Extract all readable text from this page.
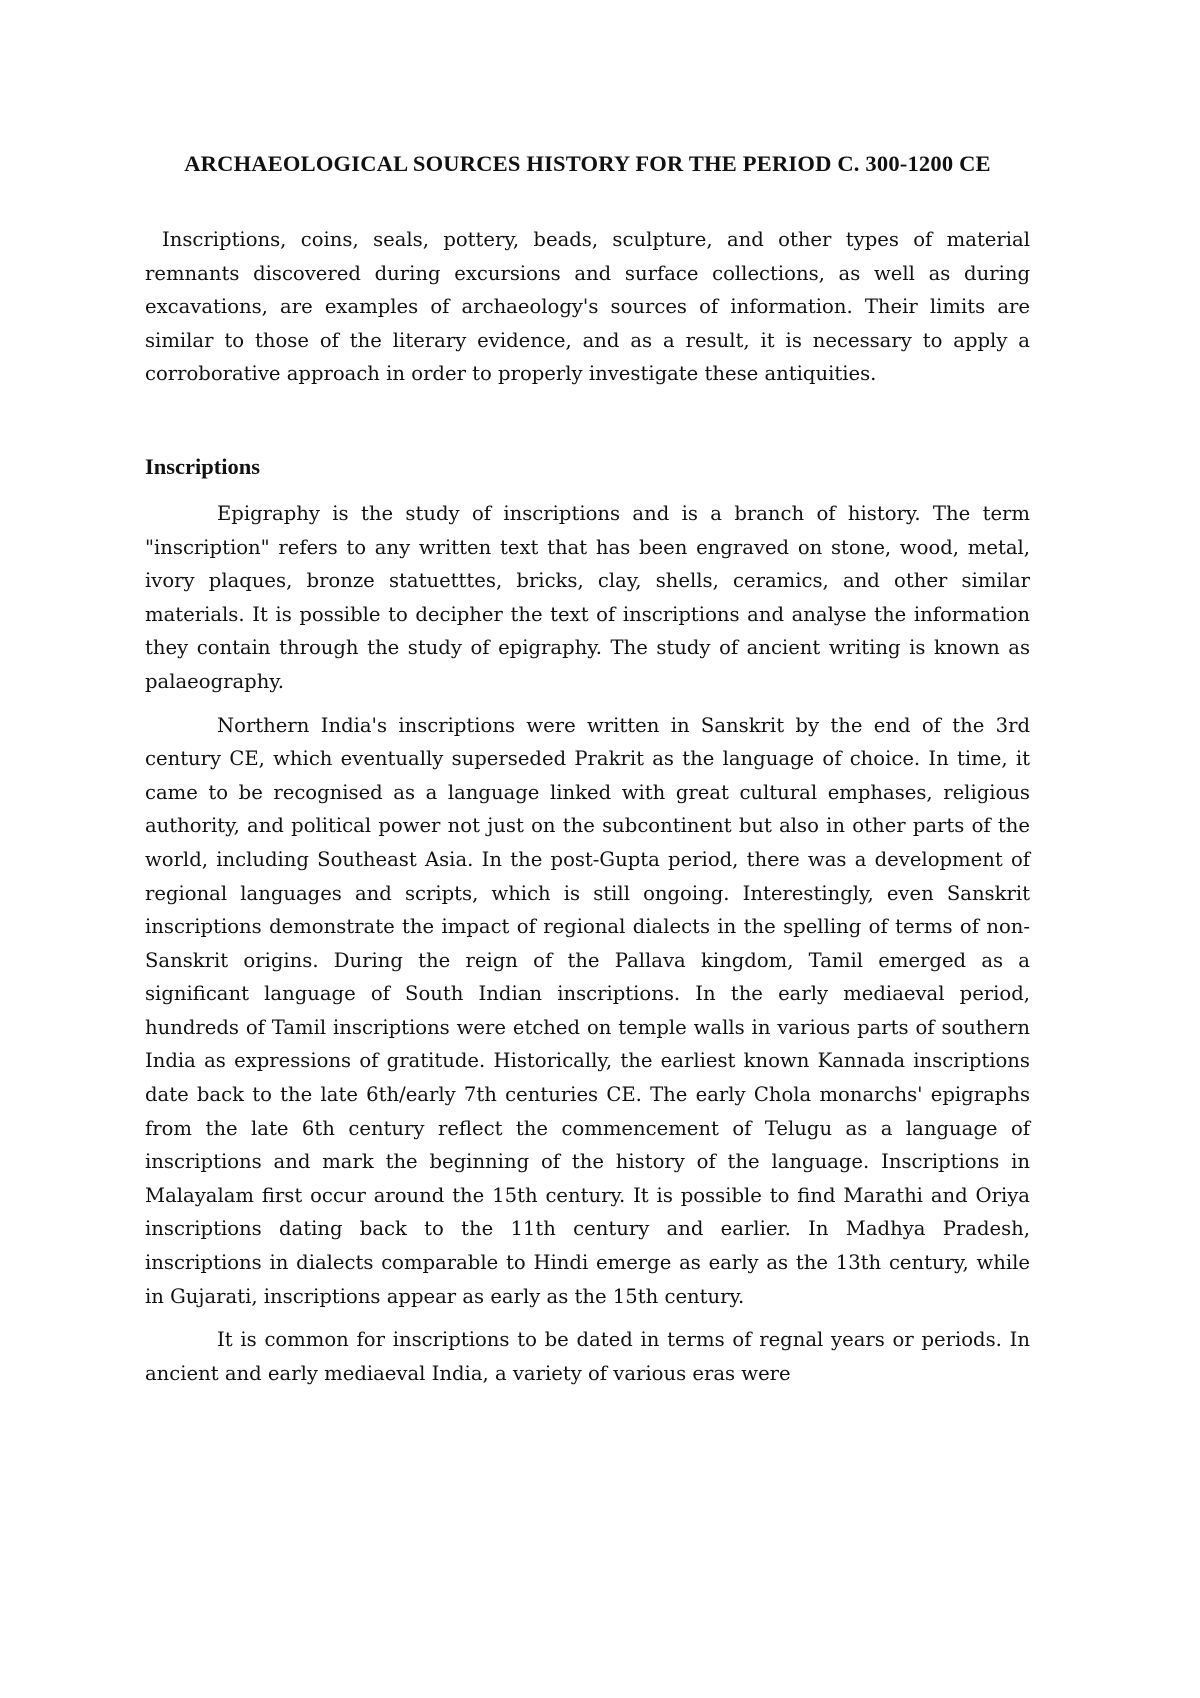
ARCHAEOLOGICAL SOURCES HISTORY FOR THE PERIOD C. 300-1200 CE

Inscriptions, coins, seals, pottery, beads, sculpture, and other types of material remnants discovered during excursions and surface collections, as well as during excavations, are examples of archaeology's sources of information. Their limits are similar to those of the literary evidence, and as a result, it is necessary to apply a corroborative approach in order to properly investigate these antiquities.

Inscriptions

Epigraphy is the study of inscriptions and is a branch of history. The term "inscription" refers to any written text that has been engraved on stone, wood, metal, ivory plaques, bronze statuetttes, bricks, clay, shells, ceramics, and other similar materials. It is possible to decipher the text of inscriptions and analyse the information they contain through the study of epigraphy. The study of ancient writing is known as palaeography.

Northern India's inscriptions were written in Sanskrit by the end of the 3rd century CE, which eventually superseded Prakrit as the language of choice. In time, it came to be recognised as a language linked with great cultural emphases, religious authority, and political power not just on the subcontinent but also in other parts of the world, including Southeast Asia. In the post-Gupta period, there was a development of regional languages and scripts, which is still ongoing. Interestingly, even Sanskrit inscriptions demonstrate the impact of regional dialects in the spelling of terms of non-Sanskrit origins. During the reign of the Pallava kingdom, Tamil emerged as a significant language of South Indian inscriptions. In the early mediaeval period, hundreds of Tamil inscriptions were etched on temple walls in various parts of southern India as expressions of gratitude. Historically, the earliest known Kannada inscriptions date back to the late 6th/early 7th centuries CE. The early Chola monarchs' epigraphs from the late 6th century reflect the commencement of Telugu as a language of inscriptions and mark the beginning of the history of the language. Inscriptions in Malayalam first occur around the 15th century. It is possible to find Marathi and Oriya inscriptions dating back to the 11th century and earlier. In Madhya Pradesh, inscriptions in dialects comparable to Hindi emerge as early as the 13th century, while in Gujarati, inscriptions appear as early as the 15th century.

It is common for inscriptions to be dated in terms of regnal years or periods. In ancient and early mediaeval India, a variety of various eras were
